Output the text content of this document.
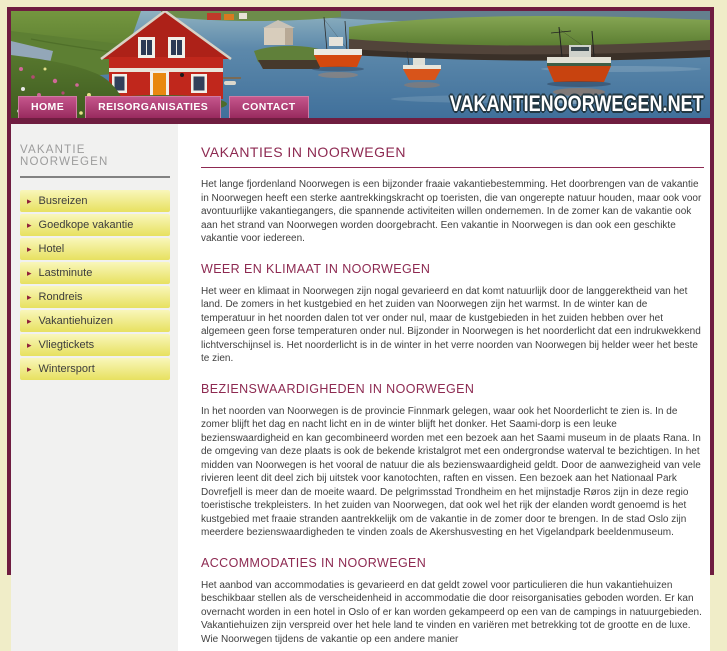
HOME	REISORGANISATIES	CONTACT	VAKANTIENOORWEGEN.NET
VAKANTIE NOORWEGEN
▸ Busreizen
▸ Goedkope vakantie
▸ Hotel
▸ Lastminute
▸ Rondreis
▸ Vakantiehuizen
▸ Vliegtickets
▸ Wintersport
VAKANTIES IN NOORWEGEN

Het lange fjordenland Noorwegen is een bijzonder fraaie vakantiebestemming. Het doorbrengen van de vakantie in Noorwegen heeft een sterke aantrekkingskracht op toeristen, die van ongerepte natuur houden, maar ook voor avontuurlijke vakantiegangers, die spannende activiteiten willen ondernemen. In de zomer kan de vakantie ook aan het strand van Noorwegen worden doorgebracht. Een vakantie in Noorwegen is dan ook een geschikte vakantie voor iedereen.

WEER EN KLIMAAT IN NOORWEGEN

Het weer en klimaat in Noorwegen zijn nogal gevarieerd en dat komt natuurlijk door de langgerektheid van het land. De zomers in het kustgebied en het zuiden van Noorwegen zijn het warmst. In de winter kan de temperatuur in het noorden dalen tot ver onder nul, maar de kustgebieden in het zuiden hebben over het algemeen geen forse temperaturen onder nul. Bijzonder in Noorwegen is het noorderlicht dat een indrukwekkend lichtverschijnsel is. Het noorderlicht is in de winter in het verre noorden van Noorwegen bij helder weer het beste te zien.

BEZIENSWAARDIGHEDEN IN NOORWEGEN

In het noorden van Noorwegen is de provincie Finnmark gelegen, waar ook het Noorderlicht te zien is. In de zomer blijft het dag en nacht licht en in de winter blijft het donker. Het Saami-dorp is een leuke bezienswaardigheid en kan gecombineerd worden met een bezoek aan het Saami museum in de plaats Rana. In de omgeving van deze plaats is ook de bekende kristalgrot met een ondergrondse waterval te bezichtigen. In het midden van Noorwegen is het vooral de natuur die als bezienswaardigheid geldt. Door de aanwezigheid van vele rivieren leent dit deel zich bij uitstek voor kanotochten, raften en vissen. Een bezoek aan het Nationaal Park Dovrefjell is meer dan de moeite waard. De pelgrimsstad Trondheim en het mijnstadje Røros zijn in deze regio toeristische trekpleisters. In het zuiden van Noorwegen, dat ook wel het rijk der elanden wordt genoemd is het kustgebied met fraaie stranden aantrekkelijk om de vakantie in de zomer door te brengen. In de stad Oslo zijn meerdere bezienswaardigheden te vinden zoals de Akershusvesting en het Vigelandpark beeldenmuseum.

ACCOMMODATIES IN NOORWEGEN

Het aanbod van accommodaties is gevarieerd en dat geldt zowel voor particulieren die hun vakantiehuizen beschikbaar stellen als de verscheidenheid in accommodatie die door reisorganisaties geboden worden. Er kan overnacht worden in een hotel in Oslo of er kan worden gekampeerd op een van de campings in natuurgebieden. Vakantiehuizen zijn verspreid over het hele land te vinden en variëren met betrekking tot de grootte en de luxe. Wie Noorwegen tijdens de vakantie op een andere manier
